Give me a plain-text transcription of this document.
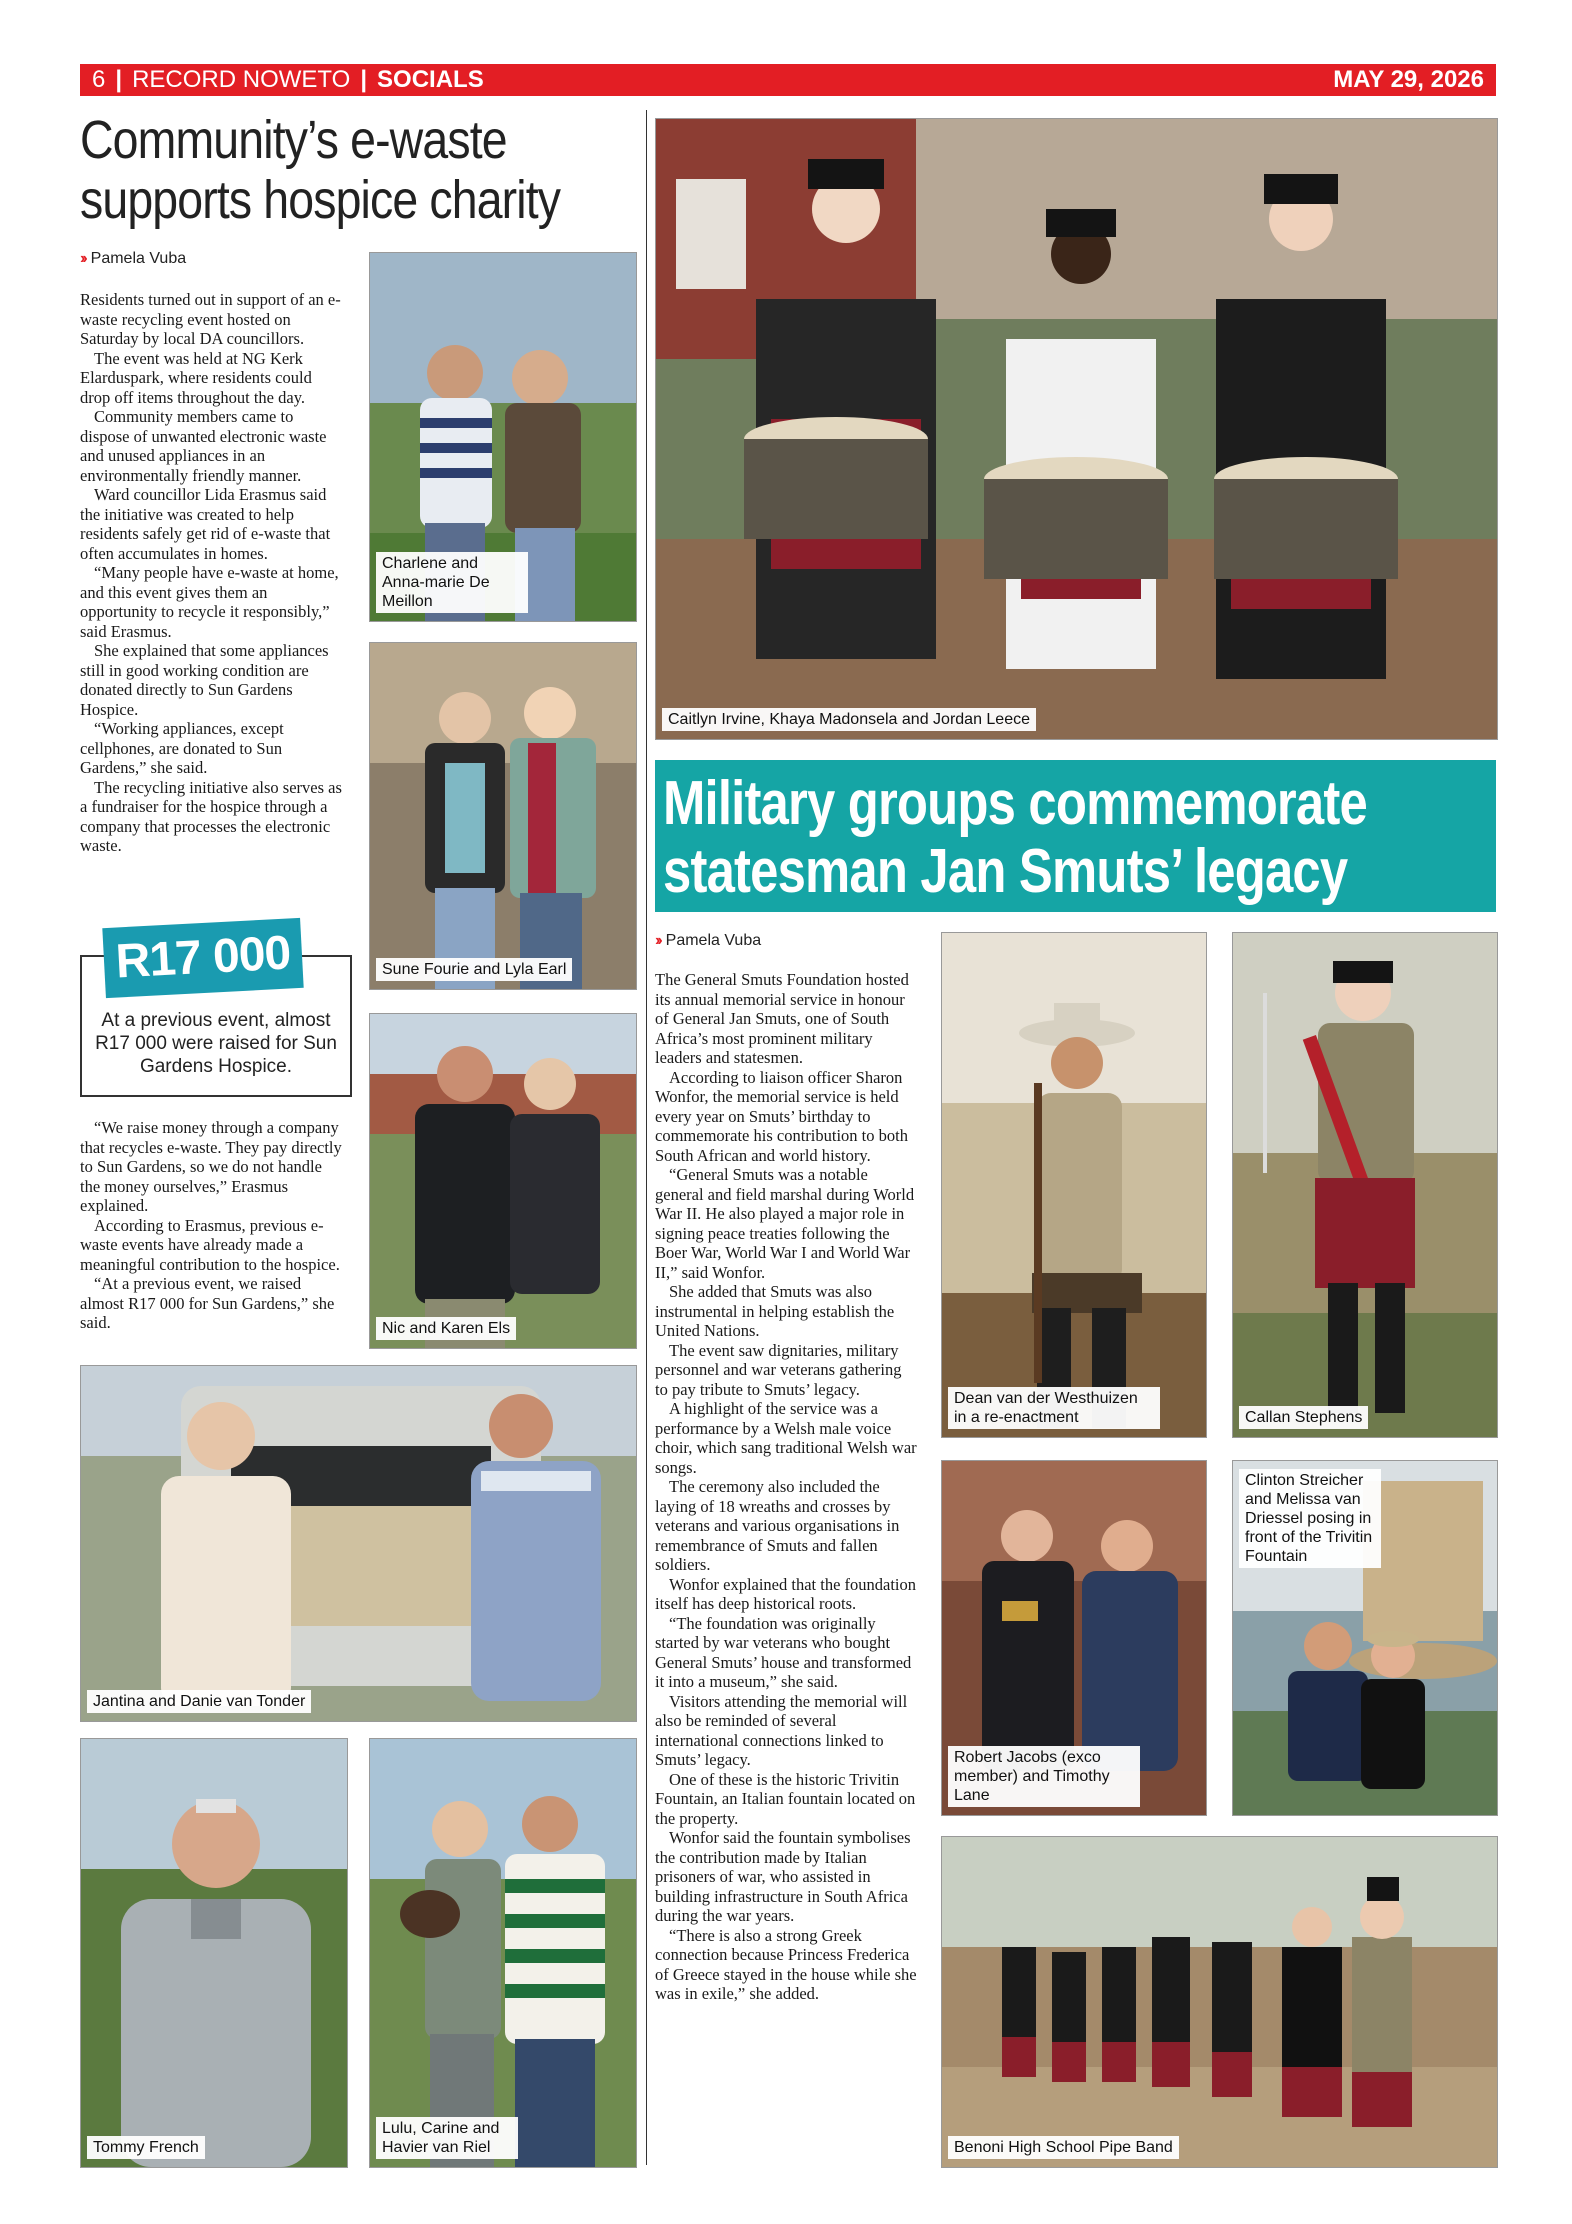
6 | RECORD NOWETO | SOCIALS	MAY 29, 2026
Community’s e-waste
supports hospice charity
›› Pamela Vuba

Residents turned out in support of an e-waste recycling event hosted on Saturday by local DA councillors.

The event was held at NG Kerk Elarduspark, where residents could drop off items throughout the day.

Community members came to dispose of unwanted electronic waste and unused appliances in an environmentally friendly manner.

Ward councillor Lida Erasmus said the initiative was created to help residents safely get rid of e-waste that often accumulates in homes.

“Many people have e-waste at home, and this event gives them an opportunity to recycle it responsibly,” said Erasmus.

She explained that some appliances still in good working condition are donated directly to Sun Gardens Hospice.

“Working appliances, except cellphones, are donated to Sun Gardens,” she said.

The recycling initiative also serves as a fundraiser for the hospice through a company that processes the electronic waste.

R17 000
At a previous event, almost R17 000 were raised for Sun Gardens Hospice.

“We raise money through a company that recycles e-waste. They pay directly to Sun Gardens, so we do not handle the money ourselves,” Erasmus explained.

According to Erasmus, previous e-waste events have already made a meaningful contribution to the hospice.

“At a previous event, we raised almost R17 000 for Sun Gardens,” she said.

Charlene and Anna-marie De Meillon
Sune Fourie and Lyla Earl
Nic and Karen Els
Jantina and Danie van Tonder
Tommy French
Lulu, Carine and Havier van Riel
Caitlyn Irvine, Khaya Madonsela and Jordan Leece
Military groups commemorate
statesman Jan Smuts’ legacy
›› Pamela Vuba

The General Smuts Foundation hosted its annual memorial service in honour of General Jan Smuts, one of South Africa’s most prominent military leaders and statesmen.

According to liaison officer Sharon Wonfor, the memorial service is held every year on Smuts’ birthday to commemorate his contribution to both South African and world history.

“General Smuts was a notable general and field marshal during World War II. He also played a major role in signing peace treaties following the Boer War, World War I and World War II,” said Wonfor.

She added that Smuts was also instrumental in helping establish the United Nations.

The event saw dignitaries, military personnel and war veterans gathering to pay tribute to Smuts’ legacy.

A highlight of the service was a performance by a Welsh male voice choir, which sang traditional Welsh war songs.

The ceremony also included the laying of 18 wreaths and crosses by veterans and various organisations in remembrance of Smuts and fallen soldiers.

Wonfor explained that the foundation itself has deep historical roots.

“The foundation was originally started by war veterans who bought General Smuts’ house and transformed it into a museum,” she said.

Visitors attending the memorial will also be reminded of several international connections linked to Smuts’ legacy.

One of these is the historic Trivitin Fountain, an Italian fountain located on the property.

Wonfor said the fountain symbolises the contribution made by Italian prisoners of war, who assisted in building infrastructure in South Africa during the war years.

“There is also a strong Greek connection because Princess Frederica of Greece stayed in the house while she was in exile,” she added.

Dean van der Westhuizen in a re-enactment	Callan Stephens
Robert Jacobs (exco member) and Timothy Lane
Clinton Streicher and Melissa van Driessel posing in front of the Trivitin Fountain
Benoni High School Pipe Band
